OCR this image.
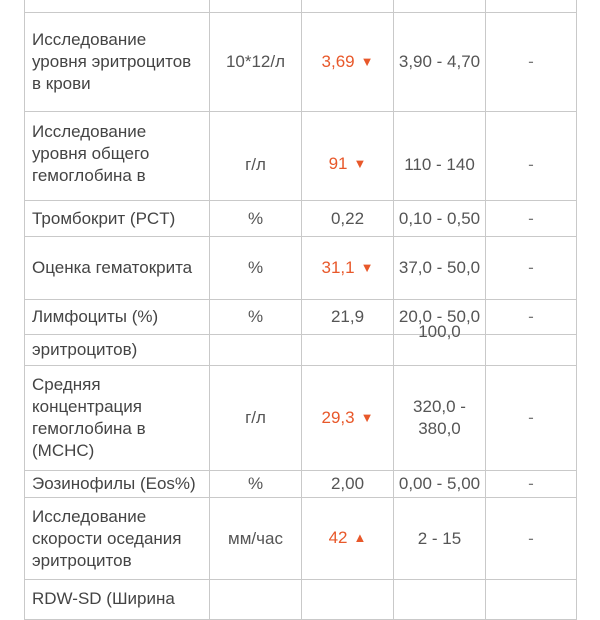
Исследование уровня эритроцитов в крови	10*12/л	3,69 ▼	3,90 - 4,70	-
Исследование уровня общего гемоглобина в	г/л	91 ▼	110 - 140	-
Тромбокрит (PCT)	%	0,22	0,10 - 0,50	-
Оценка гематокрита	%	31,1 ▼	37,0 - 50,0	-
Лимфоциты (%)	%	21,9	20,0 - 50,0	-
эритроцитов)			100,0	
Средняя концентрация гемоглобина в (MCHC)	г/л	29,3 ▼	320,0 - 380,0	-
Эозинофилы (Eos%)	%	2,00	0,00 - 5,00	-
Исследование скорости оседания эритроцитов	мм/час	42 ▲	2 - 15	-
RDW-SD (Ширина				
